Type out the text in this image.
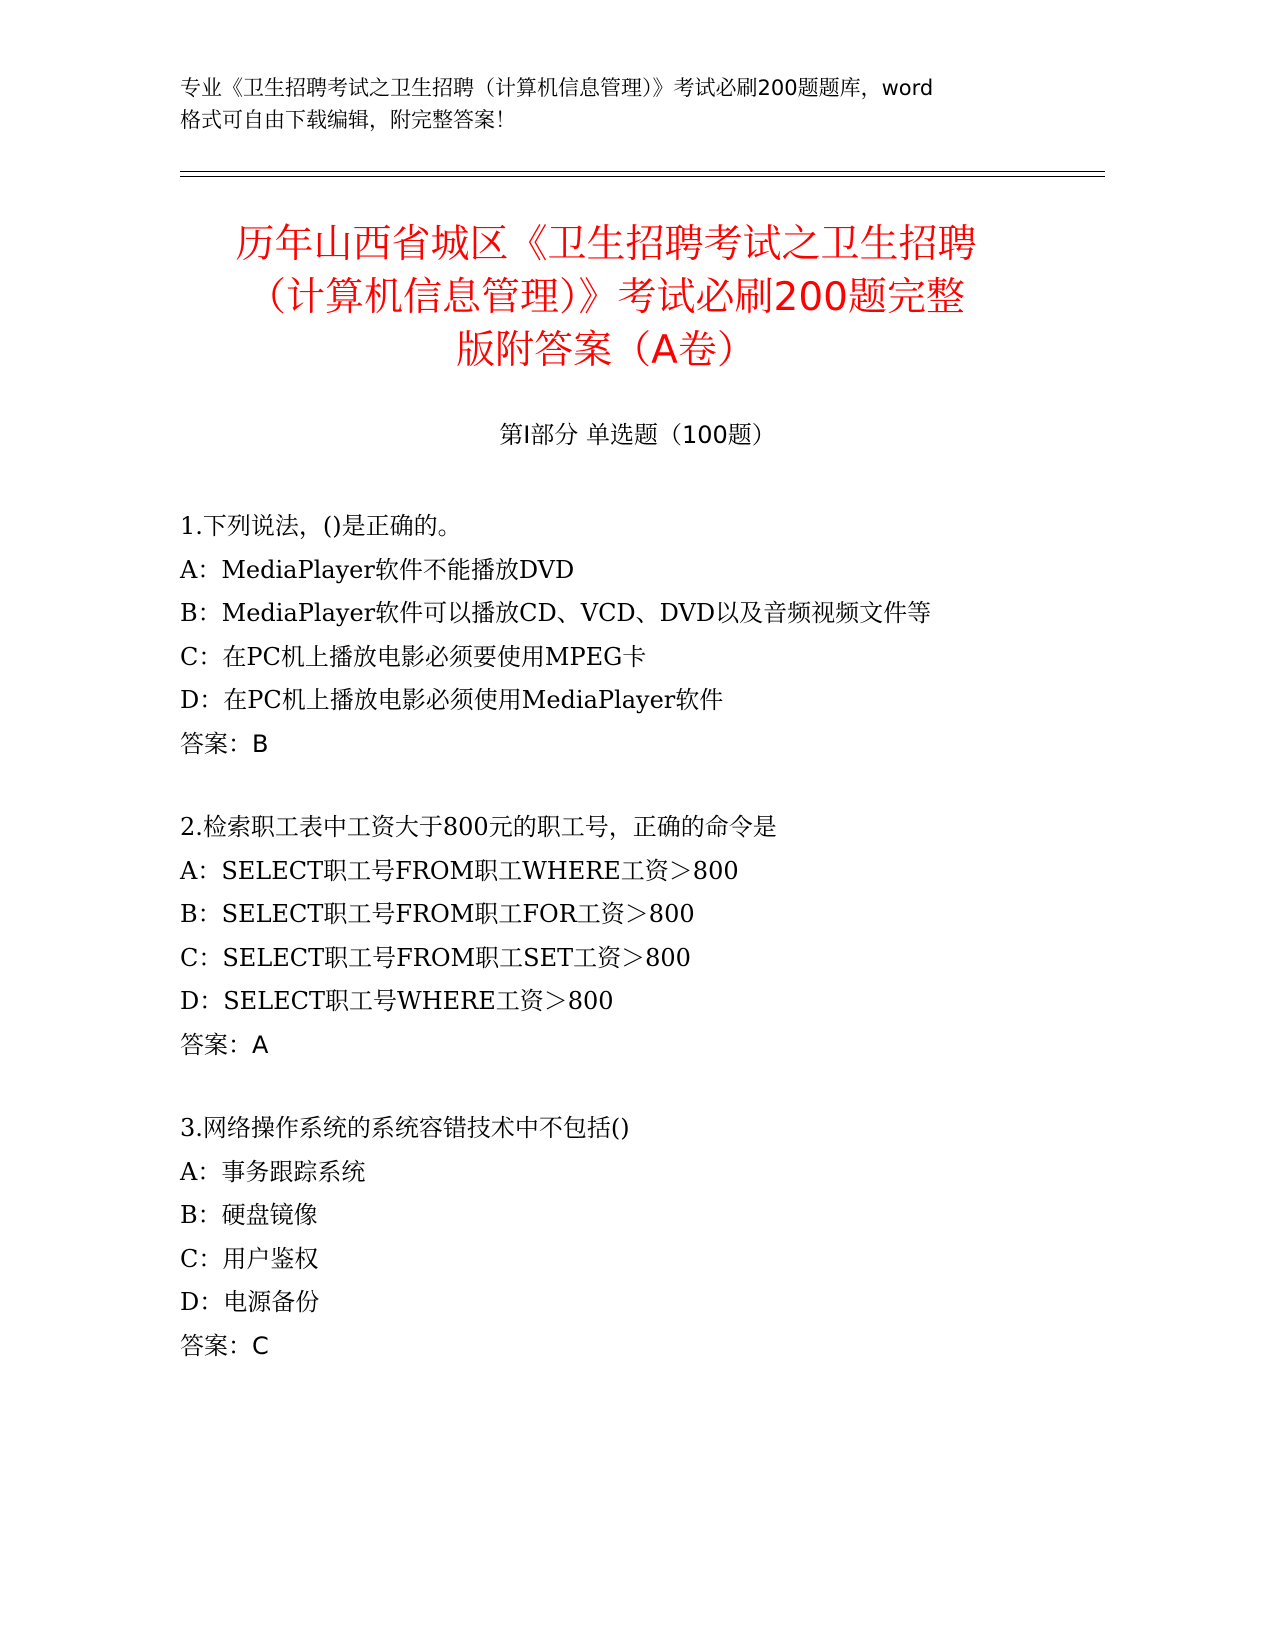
专业《卫生招聘考试之卫生招聘（计算机信息管理）》考试必刷200题题库，word
格式可自由下载编辑，附完整答案！
历年山西省城区《卫生招聘考试之卫生招聘
（计算机信息管理）》考试必刷200题完整
版附答案（A卷）
第Ⅰ部分 单选题（100题）
1.下列说法，()是正确的。
A：MediaPlayer软件不能播放DVD
B：MediaPlayer软件可以播放CD、VCD、DVD以及音频视频文件等
C：在PC机上播放电影必须要使用MPEG卡
D：在PC机上播放电影必须使用MediaPlayer软件
答案：B
2.检索职工表中工资大于800元的职工号，正确的命令是
A：SELECT职工号FROM职工WHERE工资＞800
B：SELECT职工号FROM职工FOR工资＞800
C：SELECT职工号FROM职工SET工资＞800
D：SELECT职工号WHERE工资＞800
答案：A
3.网络操作系统的系统容错技术中不包括()
A：事务跟踪系统
B：硬盘镜像
C：用户鉴权
D：电源备份
答案：C
